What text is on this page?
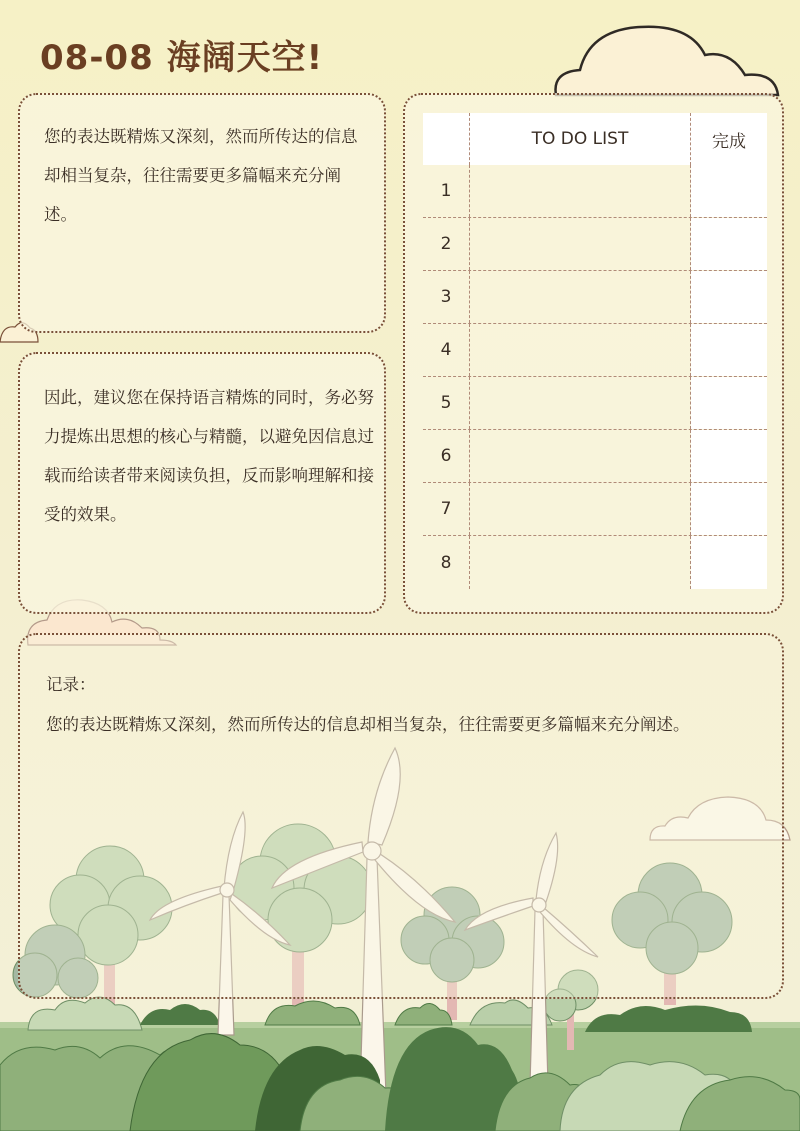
08-08 海阔天空!
您的表达既精炼又深刻，然而所传达的信息却相当复杂，往往需要更多篇幅来充分阐述。
因此，建议您在保持语言精炼的同时，务必努力提炼出思想的核心与精髓，以避免因信息过载而给读者带来阅读负担，反而影响理解和接受的效果。
TO DO LIST	完成
1
2
3
4
5
6
7
8
记录：
您的表达既精炼又深刻，然而所传达的信息却相当复杂，往往需要更多篇幅来充分阐述。
